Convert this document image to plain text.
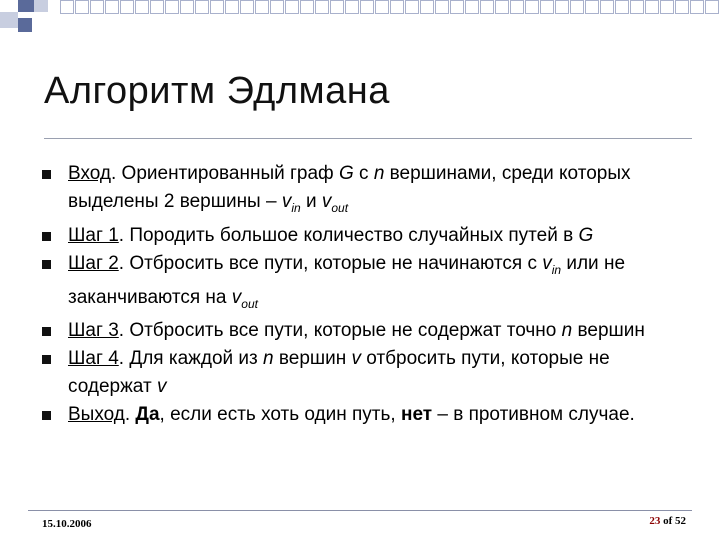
Алгоритм Эдлмана
Вход. Ориентированный граф G с n вершинами, среди которых выделены 2 вершины – $v_{in}$ и $v_{out}$
Шаг 1. Породить большое количество случайных путей в G
Шаг 2. Отбросить все пути, которые не начинаются с $v_{in}$ или не заканчиваются на $v_{out}$
Шаг 3. Отбросить все пути, которые не содержат точно n вершин
Шаг 4. Для каждой из n вершин v отбросить пути, которые не содержат v
Выход. Да, если есть хоть один путь, нет – в противном случае.
15.10.2006	23 of 52
